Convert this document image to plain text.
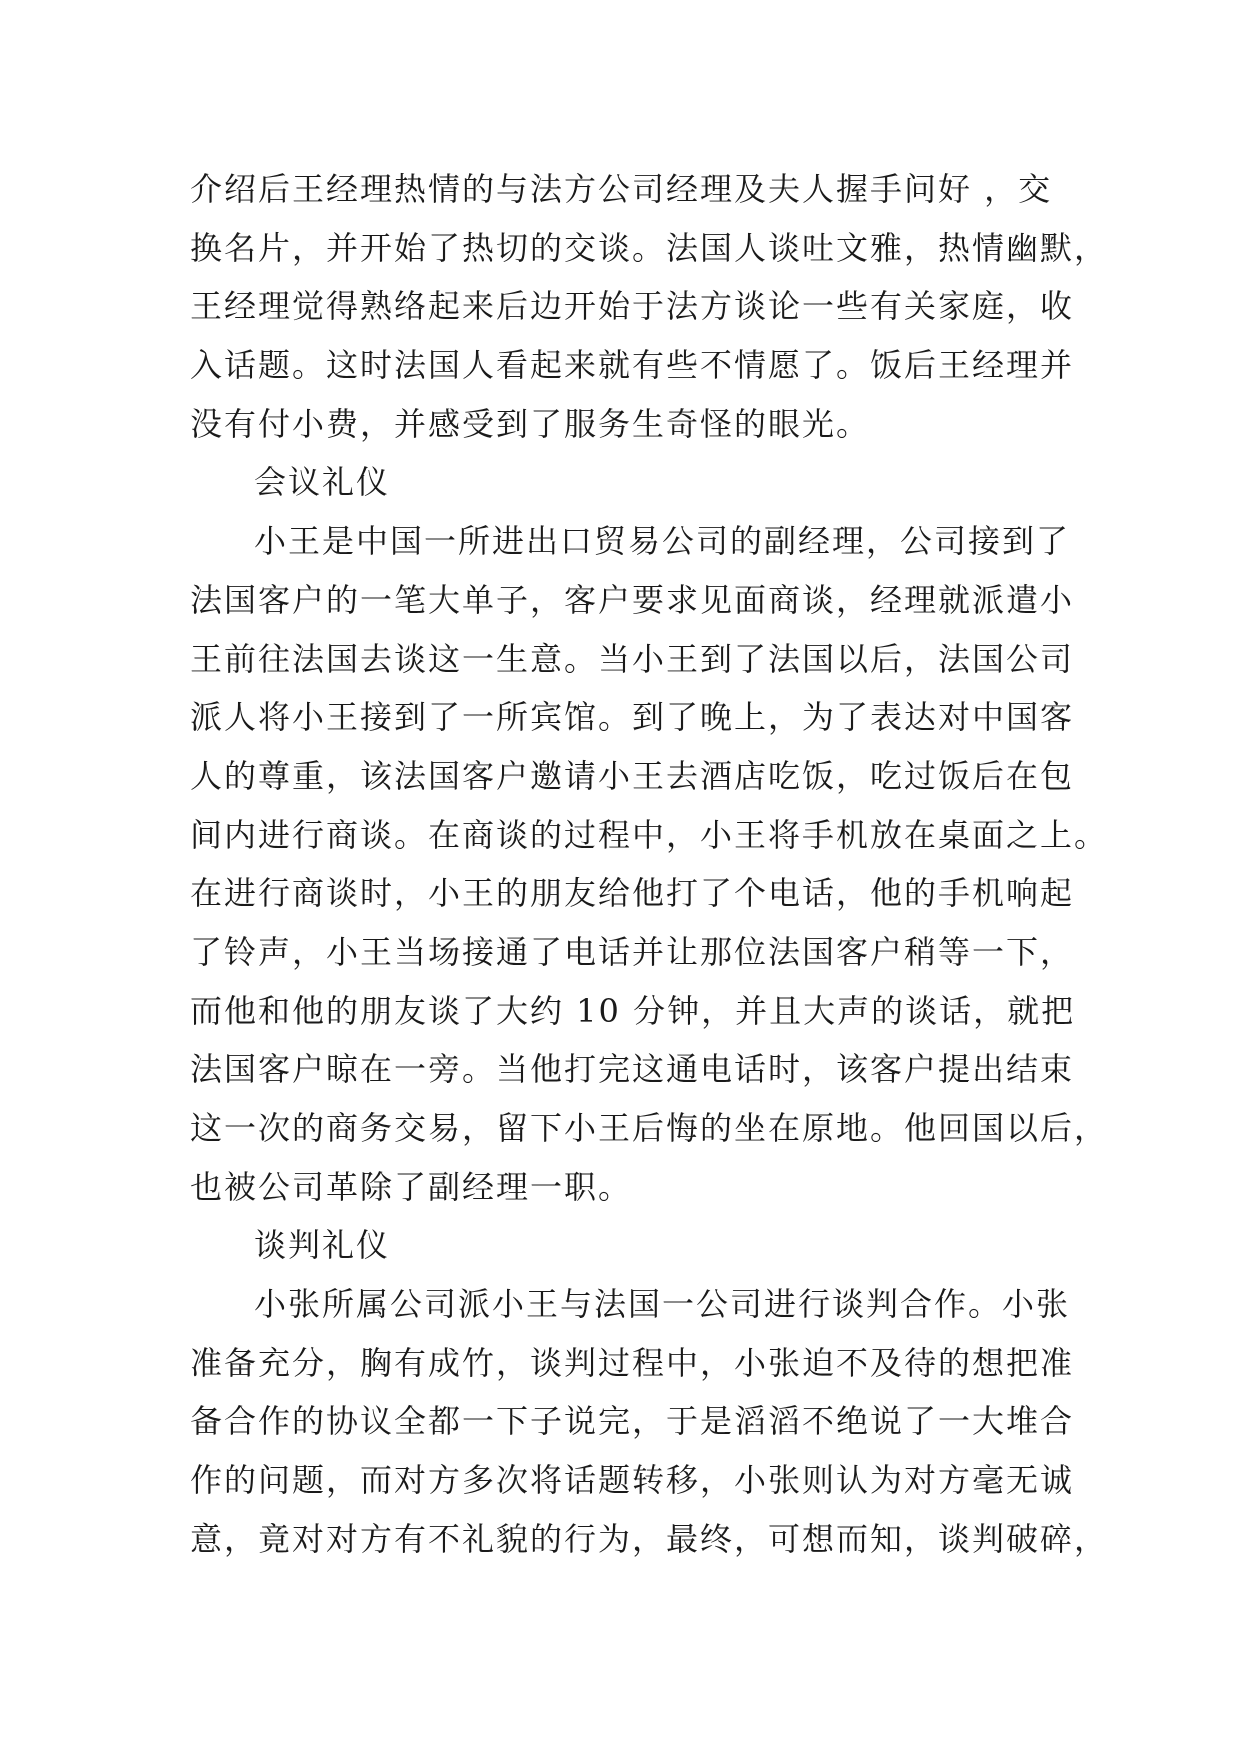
介绍后王经理热情的与法方公司经理及夫人握手问好 ，交
换名片，并开始了热切的交谈。法国人谈吐文雅，热情幽默，
王经理觉得熟络起来后边开始于法方谈论一些有关家庭，收
入话题。这时法国人看起来就有些不情愿了。饭后王经理并
没有付小费，并感受到了服务生奇怪的眼光。
会议礼仪
小王是中国一所进出口贸易公司的副经理，公司接到了
法国客户的一笔大单子，客户要求见面商谈，经理就派遣小
王前往法国去谈这一生意。当小王到了法国以后，法国公司
派人将小王接到了一所宾馆。到了晚上，为了表达对中国客
人的尊重，该法国客户邀请小王去酒店吃饭，吃过饭后在包
间内进行商谈。在商谈的过程中，小王将手机放在桌面之上。
在进行商谈时，小王的朋友给他打了个电话，他的手机响起
了铃声，小王当场接通了电话并让那位法国客户稍等一下，
而他和他的朋友谈了大约 10 分钟，并且大声的谈话，就把
法国客户晾在一旁。当他打完这通电话时，该客户提出结束
这一次的商务交易，留下小王后悔的坐在原地。他回国以后，
也被公司革除了副经理一职。
谈判礼仪
小张所属公司派小王与法国一公司进行谈判合作。小张
准备充分，胸有成竹，谈判过程中，小张迫不及待的想把准
备合作的协议全都一下子说完，于是滔滔不绝说了一大堆合
作的问题，而对方多次将话题转移，小张则认为对方毫无诚
意，竟对对方有不礼貌的行为，最终，可想而知，谈判破碎，
